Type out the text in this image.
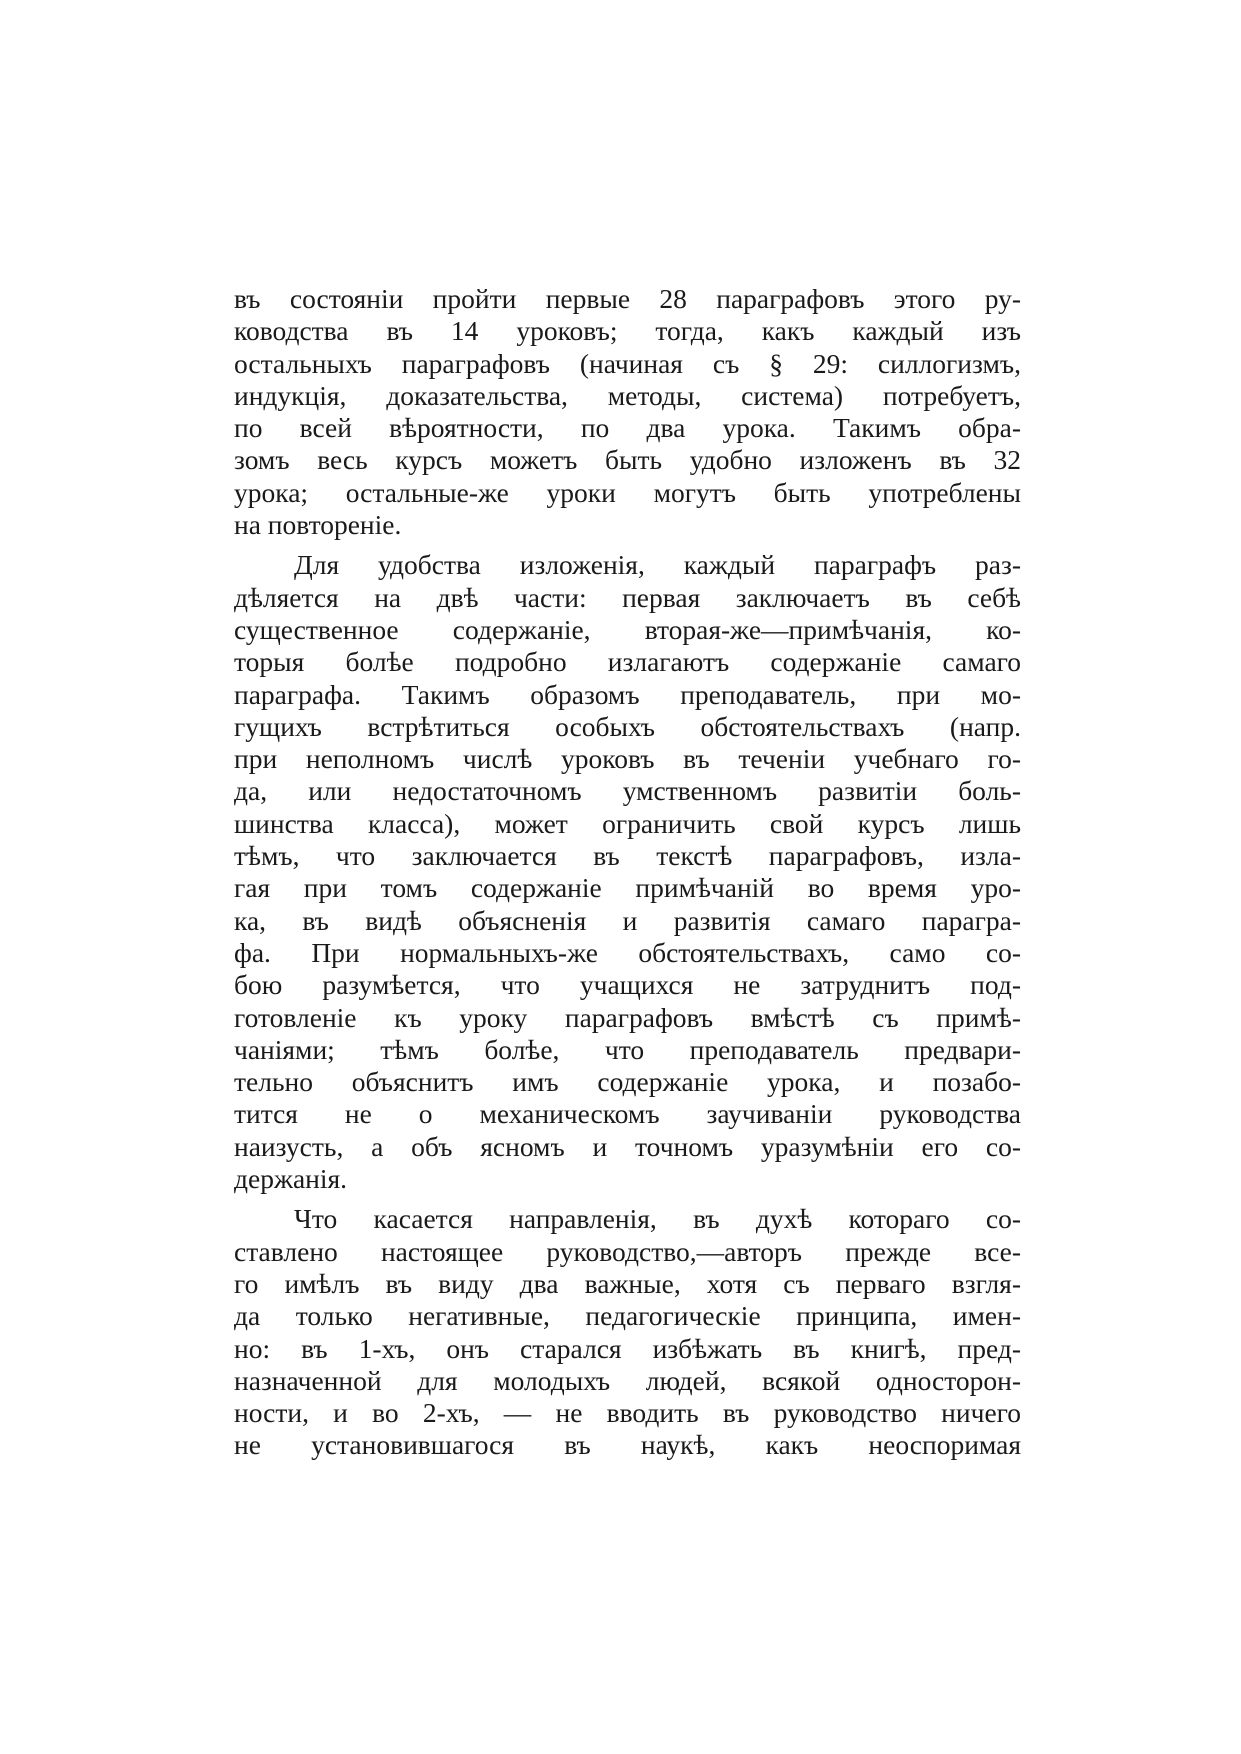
въ состоянiи пройти первые 28 параграфовъ этого ру-
ководства въ 14 уроковъ; тогда, какъ каждый изъ
остальныхъ параграфовъ (начиная съ § 29: силлогизмъ,
индукцiя, доказательства, методы, система) потребуетъ,
по всей вѣроятности, по два урока. Такимъ обра-
зомъ весь курсъ можетъ быть удобно изложенъ въ 32
урока; остальные-же уроки могутъ быть употреблены
на повторенiе.

Для удобства изложенiя, каждый параграфъ раз-
дѣляется на двѣ части: первая заключаетъ въ себѣ
существенное содержанiе, вторая-же—примѣчанiя, ко-
торыя болѣе подробно излагаютъ содержанiе самаго
параграфа. Такимъ образомъ преподаватель, при мо-
гущихъ встрѣтиться особыхъ обстоятельствахъ (напр.
при неполномъ числѣ уроковъ въ теченiи учебнаго го-
да, или недостаточномъ умственномъ развитiи боль-
шинства класса), может ограничить свой курсъ лишь
тѣмъ, что заключается въ текстѣ параграфовъ, изла-
гая при томъ содержанiе примѣчанiй во время уро-
ка, въ видѣ объясненiя и развитiя самаго парагра-
фа. При нормальныхъ-же обстоятельствахъ, само со-
бою разумѣется, что учащихся не затруднитъ под-
готовленiе къ уроку параграфовъ вмѣстѣ съ примѣ-
чанiями; тѣмъ болѣе, что преподаватель предвари-
тельно объяснитъ имъ содержанiе урока, и позабо-
тится не о механическомъ заучиванiи руководства
наизусть, а объ ясномъ и точномъ уразумѣнiи его со-
держанiя.

Что касается направленiя, въ духѣ котораго со-
ставлено настоящее руководство,—авторъ прежде все-
го имѣлъ въ виду два важные, хотя съ перваго взгля-
да только негативные, педагогическiе принципа, имен-
но: въ 1-хъ, онъ старался избѣжать въ книгѣ, пред-
назначенной для молодыхъ людей, всякой односторон-
ности, и во 2-хъ, — не вводить въ руководство ничего
не установившагося въ наукѣ, какъ неоспоримая
